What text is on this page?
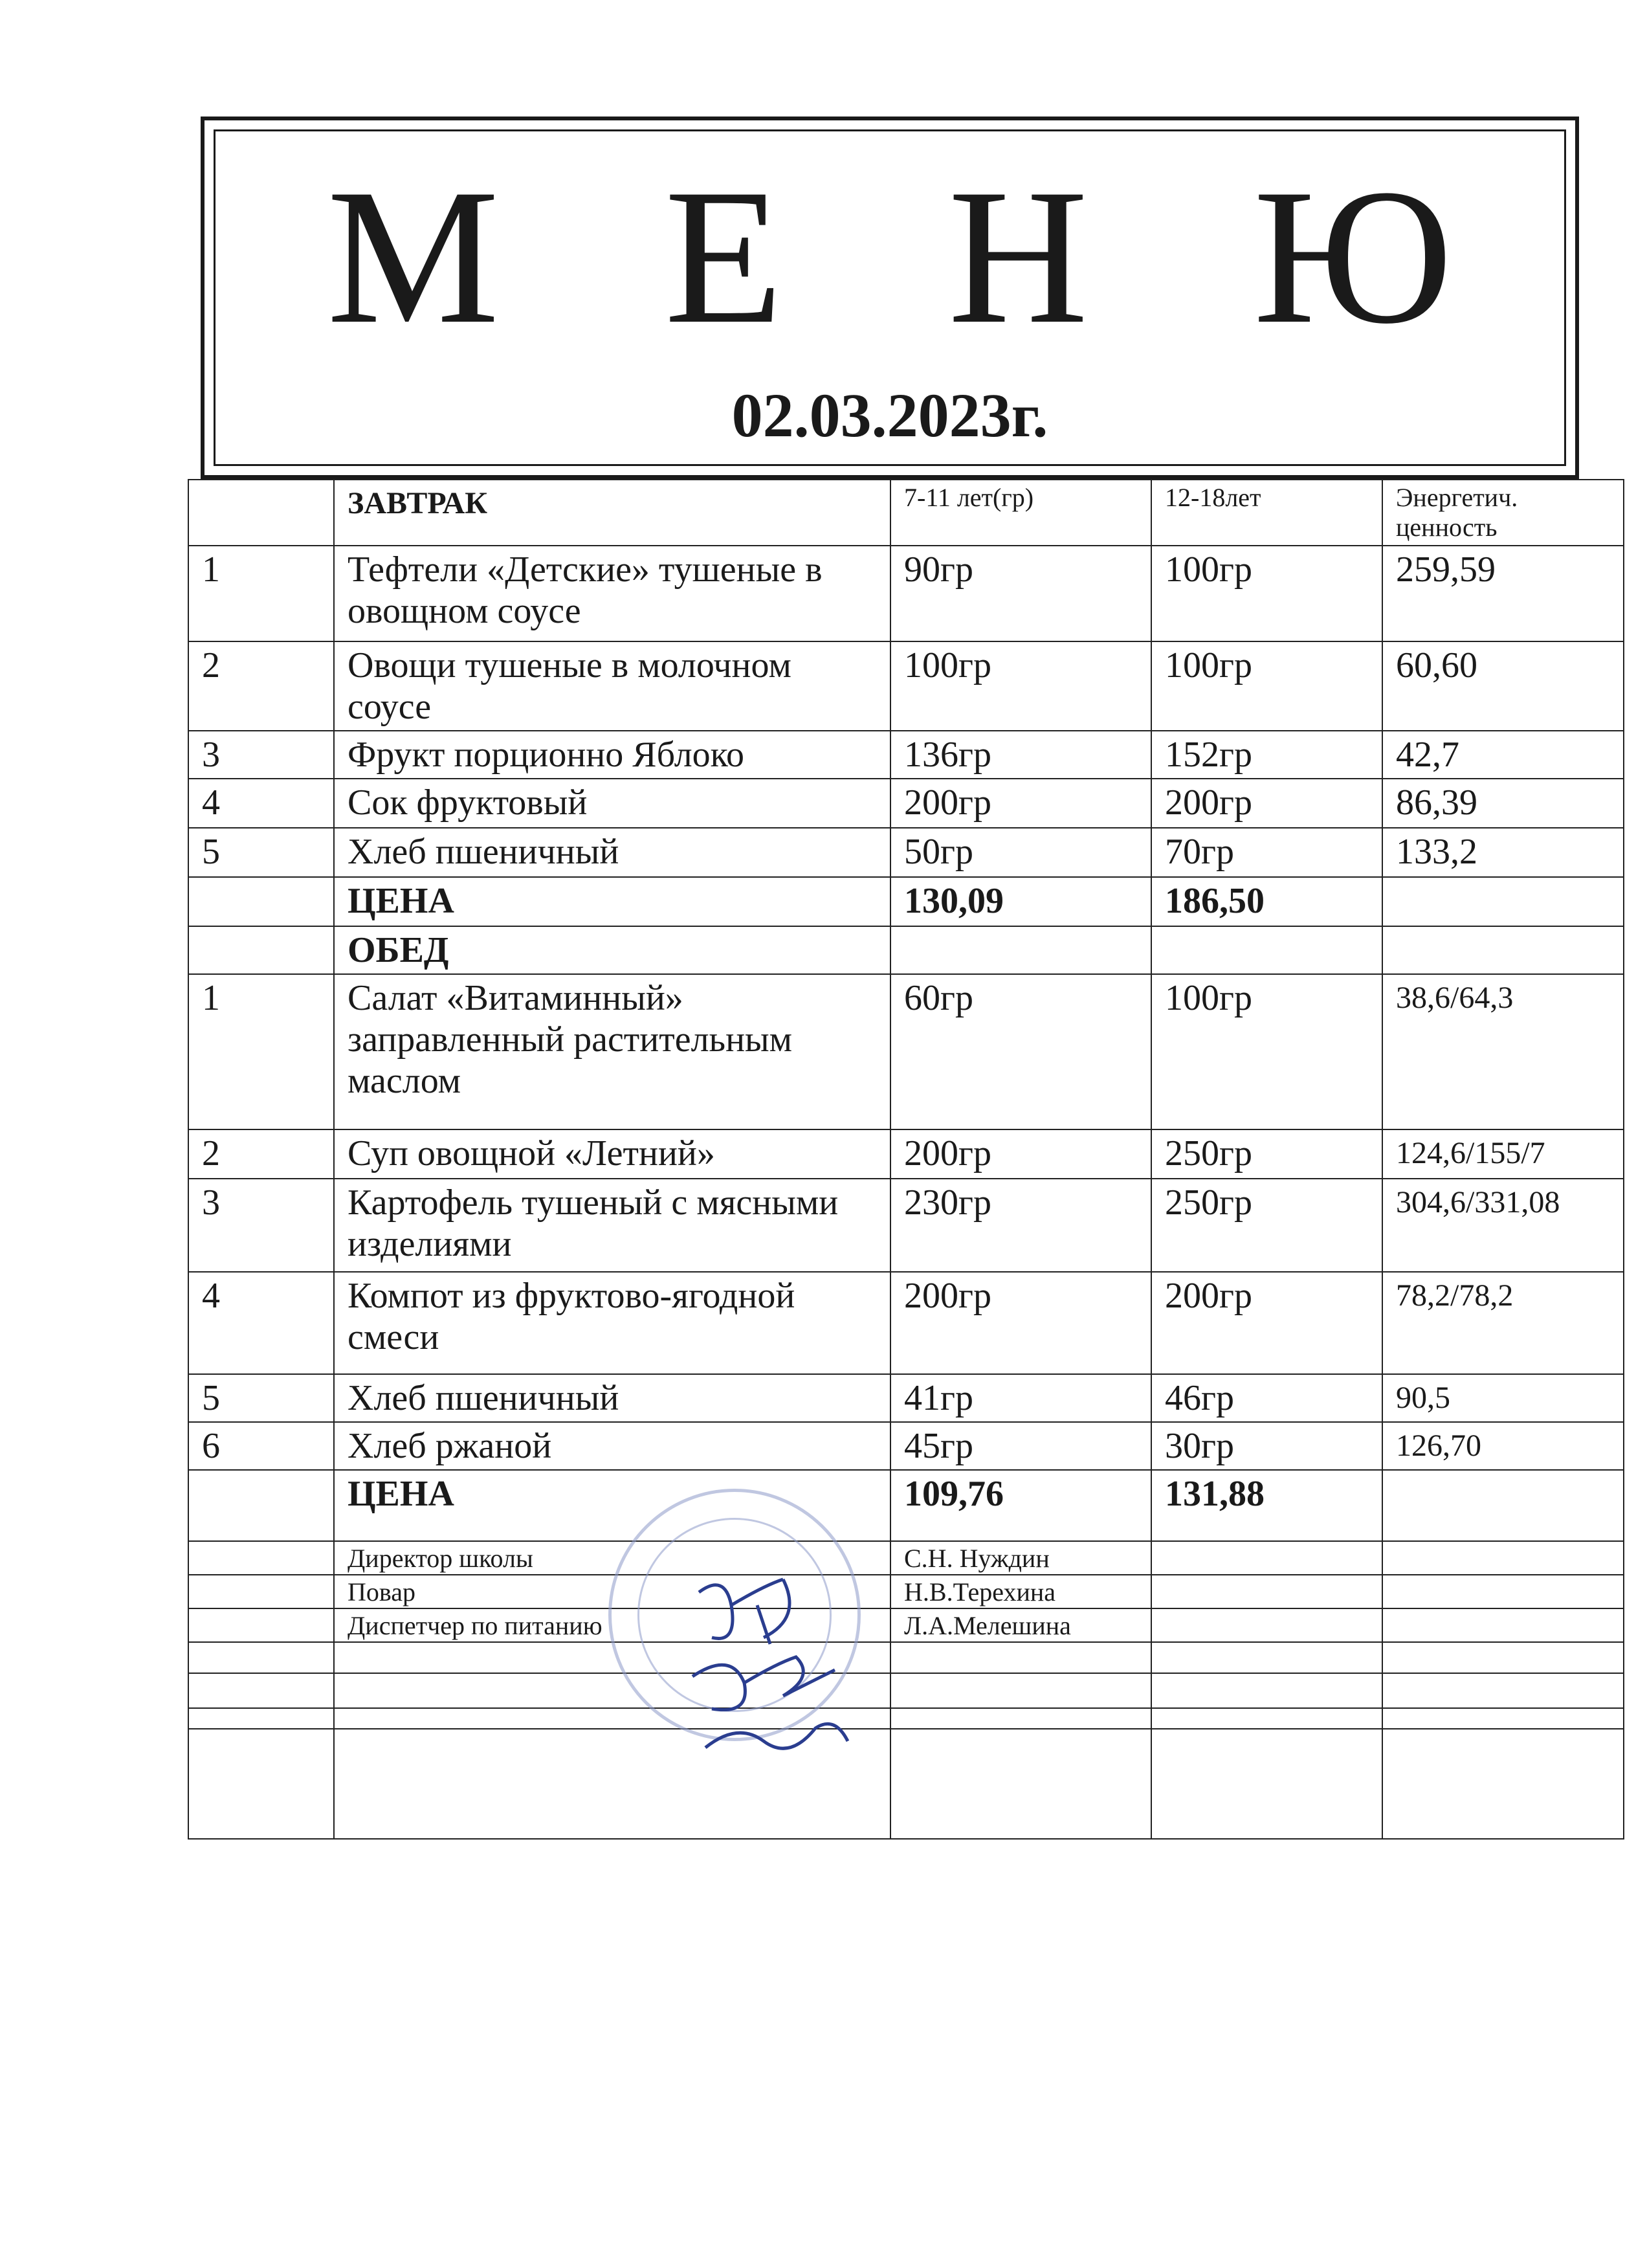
М Е Н Ю
02.03.2023г.
	ЗАВТРАК	7-11 лет(гр)	12-18лет	Энергетич. ценность
1	Тефтели «Детские» тушеные в овощном соусе	90гр	100гр	259,59
2	Овощи тушеные в молочном соусе	100гр	100гр	60,60
3	Фрукт порционно Яблоко	136гр	152гр	42,7
4	Сок фруктовый	200гр	200гр	86,39
5	Хлеб пшеничный	50гр	70гр	133,2
	ЦЕНА	130,09	186,50	
	ОБЕД			
1	Салат «Витаминный» заправленный растительным маслом	60гр	100гр	38,6/64,3
2	Суп овощной «Летний»	200гр	250гр	124,6/155/7
3	Картофель тушеный с мясными изделиями	230гр	250гр	304,6/331,08
4	Компот из фруктово-ягодной смеси	200гр	200гр	78,2/78,2
5	Хлеб пшеничный	41гр	46гр	90,5
6	Хлеб ржаной	45гр	30гр	126,70
	ЦЕНА	109,76	131,88	
	Директор школы	С.Н. Нуждин		
	Повар	Н.В.Терехина		
	Диспетчер по питанию	Л.А.Мелешина		
